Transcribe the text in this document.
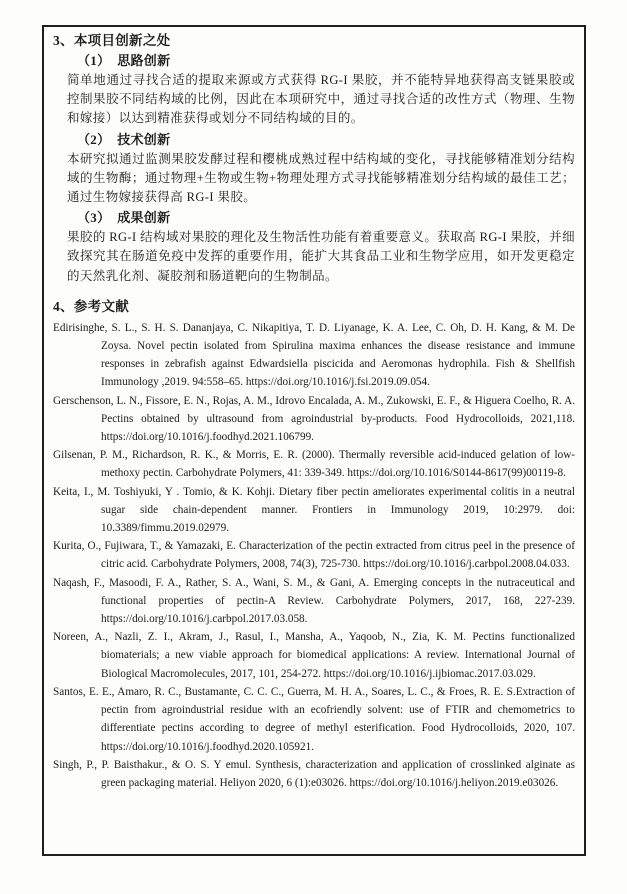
3、本项目创新之处
（1）　思路创新

简单地通过寻找合适的提取来源或方式获得 RG-I 果胶，并不能特异地获得高支链果胶或控制果胶不同结构域的比例，因此在本项研究中，通过寻找合适的改性方式（物理、生物和嫁接）以达到精准获得或划分不同结构域的目的。

（2）　技术创新

本研究拟通过监测果胶发酵过程和樱桃成熟过程中结构域的变化，寻找能够精准划分结构域的生物酶；通过物理+生物或生物+物理处理方式寻找能够精准划分结构域的最佳工艺；通过生物嫁接获得高 RG-I 果胶。

（3）　成果创新

果胶的 RG-I 结构域对果胶的理化及生物活性功能有着重要意义。获取高 RG-I 果胶，并细致探究其在肠道免疫中发挥的重要作用，能扩大其食品工业和生物学应用，如开发更稳定的天然乳化剂、凝胶剂和肠道靶向的生物制品。

4、参考文献

Edirisinghe, S. L., S. H. S. Dananjaya, C. Nikapitiya, T. D. Liyanage, K. A. Lee, C. Oh, D. H. Kang, & M. De Zoysa. Novel pectin isolated from Spirulina maxima enhances the disease resistance and immune responses in zebrafish against Edwardsiella piscicida and Aeromonas hydrophila. Fish & Shellfish Immunology ,2019. 94:558–65. https://doi.org/10.1016/j.fsi.2019.09.054.

Gerschenson, L. N., Fissore, E. N., Rojas, A. M., Idrovo Encalada, A. M., Zukowski, E. F., & Higuera Coelho, R. A. Pectins obtained by ultrasound from agroindustrial by-products. Food Hydrocolloids, 2021,118. https://doi.org/10.1016/j.foodhyd.2021.106799.

Gilsenan, P. M., Richardson, R. K., & Morris, E. R. (2000). Thermally reversible acid-induced gelation of low-methoxy pectin. Carbohydrate Polymers, 41: 339-349. https://doi.org/10.1016/S0144-8617(99)00119-8.

Keita, I., M. Toshiyuki, Y . Tomio, & K. Kohji. Dietary fiber pectin ameliorates experimental colitis in a neutral sugar side chain-dependent manner. Frontiers in Immunology 2019, 10:2979. doi: 10.3389/fimmu.2019.02979.

Kurita, O., Fujiwara, T., & Yamazaki, E. Characterization of the pectin extracted from citrus peel in the presence of citric acid. Carbohydrate Polymers, 2008, 74(3), 725-730. https://doi.org/10.1016/j.carbpol.2008.04.033.

Naqash, F., Masoodi, F. A., Rather, S. A., Wani, S. M., & Gani, A. Emerging concepts in the nutraceutical and functional properties of pectin-A Review. Carbohydrate Polymers, 2017, 168, 227-239. https://doi.org/10.1016/j.carbpol.2017.03.058.

Noreen, A., Nazli, Z. I., Akram, J., Rasul, I., Mansha, A., Yaqoob, N., Zia, K. M. Pectins functionalized biomaterials; a new viable approach for biomedical applications: A review. International Journal of Biological Macromolecules, 2017, 101, 254-272. https://doi.org/10.1016/j.ijbiomac.2017.03.029.

Santos, E. E., Amaro, R. C., Bustamante, C. C. C., Guerra, M. H. A., Soares, L. C., & Froes, R. E. S.Extraction of pectin from agroindustrial residue with an ecofriendly solvent: use of FTIR and chemometrics to differentiate pectins according to degree of methyl esterification. Food Hydrocolloids, 2020, 107. https://doi.org/10.1016/j.foodhyd.2020.105921.

Singh, P., P. Baisthakur., & O. S. Y emul. Synthesis, characterization and application of crosslinked alginate as green packaging material. Heliyon 2020, 6 (1):e03026. https://doi.org/10.1016/j.heliyon.2019.e03026.
